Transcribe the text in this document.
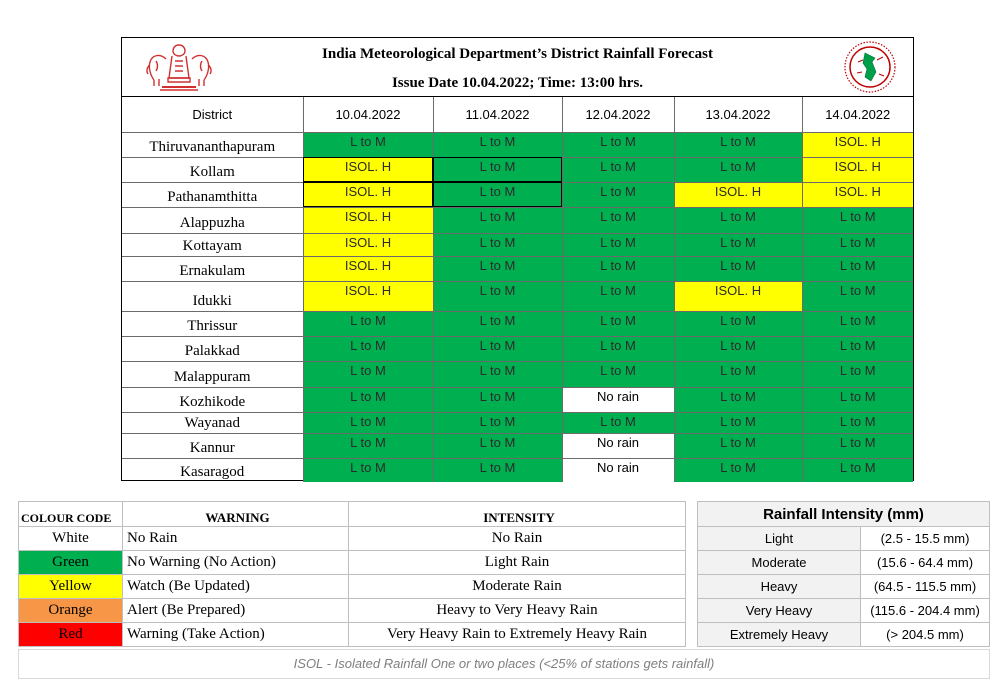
India Meteorological Department’s District Rainfall Forecast
Issue Date 10.04.2022; Time: 13:00 hrs.
District	10.04.2022	11.04.2022	12.04.2022	13.04.2022	14.04.2022
Thiruvananthapuram	L to M	L to M	L to M	L to M	ISOL. H
Kollam	ISOL. H	L to M	L to M	L to M	ISOL. H
Pathanamthitta	ISOL. H	L to M	L to M	ISOL. H	ISOL. H
Alappuzha	ISOL. H	L to M	L to M	L to M	L to M
Kottayam	ISOL. H	L to M	L to M	L to M	L to M
Ernakulam	ISOL. H	L to M	L to M	L to M	L to M
Idukki	ISOL. H	L to M	L to M	ISOL. H	L to M
Thrissur	L to M	L to M	L to M	L to M	L to M
Palakkad	L to M	L to M	L to M	L to M	L to M
Malappuram	L to M	L to M	L to M	L to M	L to M
Kozhikode	L to M	L to M	No rain	L to M	L to M
Wayanad	L to M	L to M	L to M	L to M	L to M
Kannur	L to M	L to M	No rain	L to M	L to M
Kasaragod	L to M	L to M	No rain	L to M	L to M
COLOUR CODE	WARNING	INTENSITY
White	No Rain	No Rain
Green	No Warning (No Action)	Light Rain
Yellow	Watch (Be Updated)	Moderate Rain
Orange	Alert (Be Prepared)	Heavy to Very Heavy Rain
Red	Warning (Take Action)	Very Heavy Rain to Extremely Heavy Rain
Rainfall Intensity (mm)	
Light	(2.5 - 15.5 mm)
Moderate	(15.6 - 64.4 mm)
Heavy	(64.5 - 115.5 mm)
Very Heavy	(115.6 - 204.4 mm)
Extremely Heavy	(> 204.5 mm)
ISOL - Isolated Rainfall One or two places (<25% of stations gets rainfall)
